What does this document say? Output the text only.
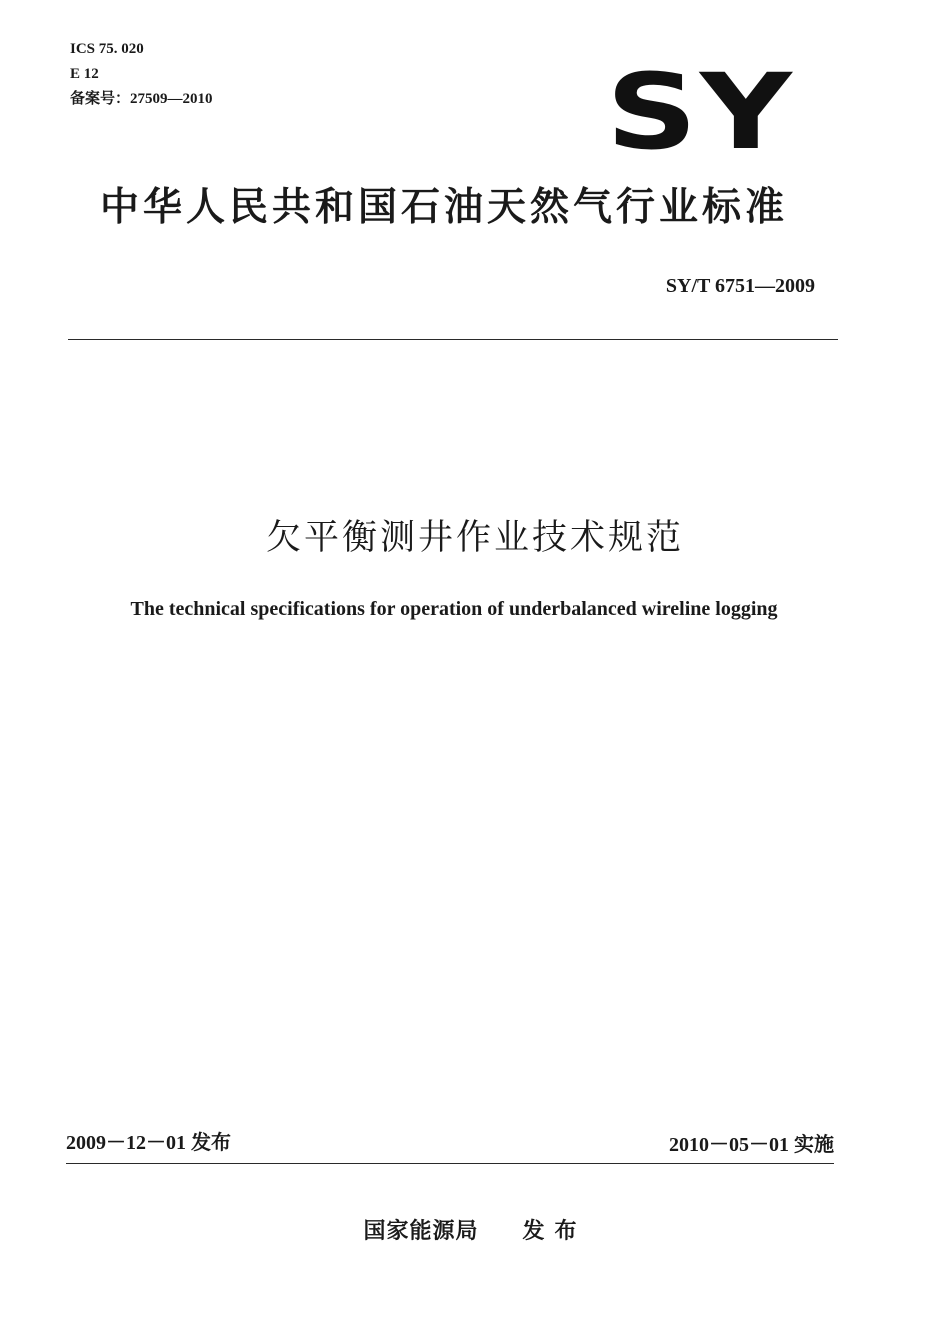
ICS 75. 020
E 12
备案号：27509—2010	SY
中华人民共和国石油天然气行业标准
SY/T 6751—2009
欠平衡测井作业技术规范
The technical specifications for operation of underbalanced wireline logging
2009－12－01 发布	2010－05－01 实施
国家能源局 发布
